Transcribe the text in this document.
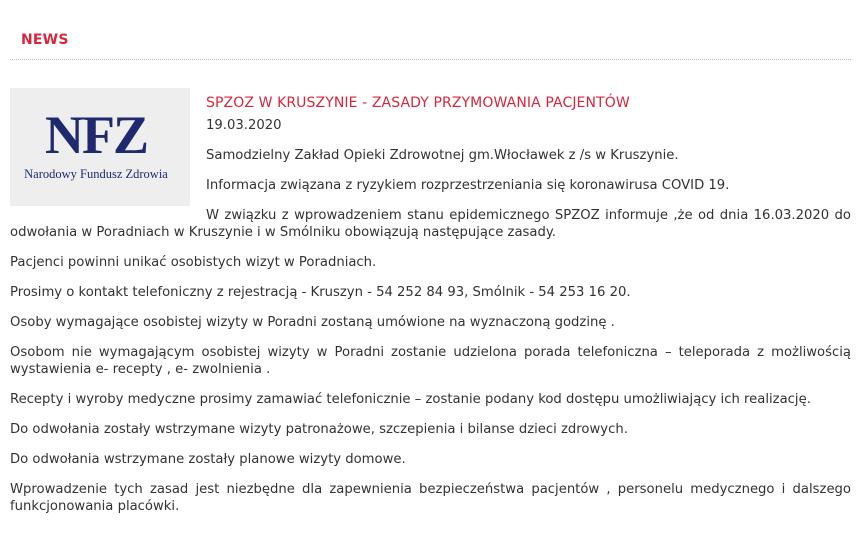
NEWS
NFZ
Narodowy Fundusz Zdrowia
SPZOZ W KRUSZYNIE - ZASADY PRZYMOWANIA PACJENTÓW
19.03.2020

Samodzielny Zakład Opieki Zdrowotnej gm.Włocławek z /s w Kruszynie.

Informacja związana z ryzykiem rozprzestrzeniania się koronawirusa COVID 19.

W związku z wprowadzeniem stanu epidemicznego SPZOZ informuje ,że od dnia 16.03.2020 do odwołania w Poradniach w Kruszynie i w Smólniku obowiązują następujące zasady.

Pacjenci powinni unikać osobistych wizyt w Poradniach.

Prosimy o kontakt telefoniczny z rejestracją - Kruszyn - 54 252 84 93, Smólnik - 54 253 16 20.

Osoby wymagające osobistej wizyty w Poradni zostaną umówione na wyznaczoną godzinę .

Osobom nie wymagającym osobistej wizyty w Poradni zostanie udzielona porada telefoniczna – teleporada z możliwością wystawienia e- recepty , e- zwolnienia .

Recepty i wyroby medyczne prosimy zamawiać telefonicznie – zostanie podany kod dostępu umożliwiający ich realizację.

Do odwołania zostały wstrzymane wizyty patronażowe, szczepienia i bilanse dzieci zdrowych.

Do odwołania wstrzymane zostały planowe wizyty domowe.

Wprowadzenie tych zasad jest niezbędne dla zapewnienia bezpieczeństwa pacjentów , personelu medycznego i dalszego funkcjonowania placówki.
